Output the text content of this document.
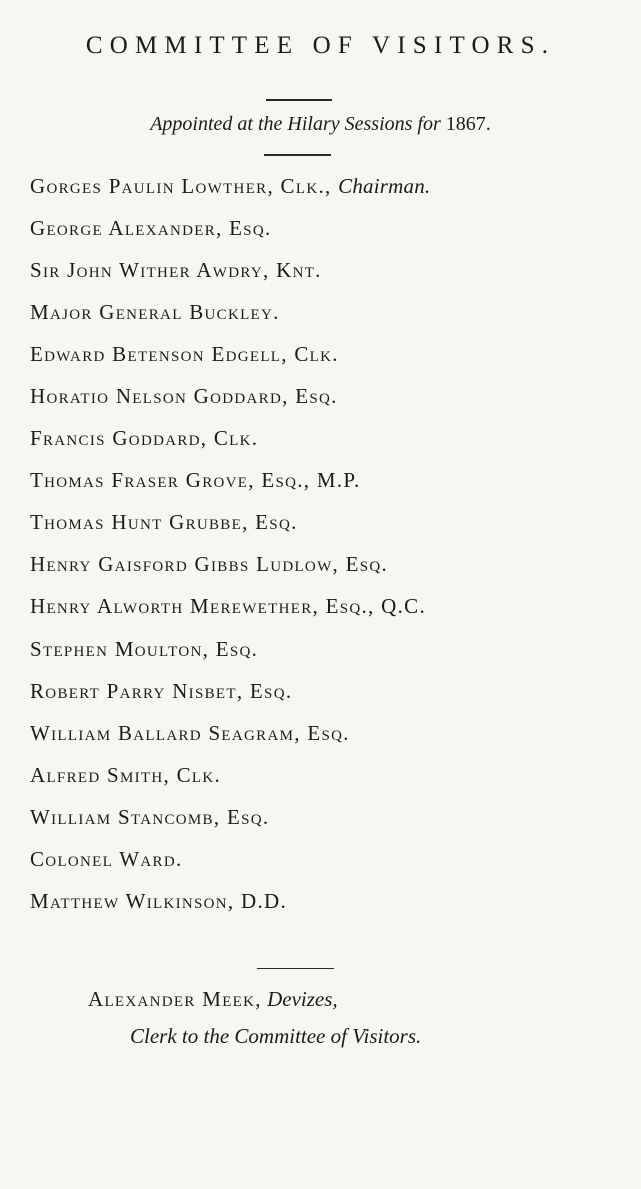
COMMITTEE OF VISITORS.
Appointed at the Hilary Sessions for 1867.
Gorges Paulin Lowther, Clk., Chairman.
George Alexander, Esq.
Sir John Wither Awdry, Knt.
Major General Buckley.
Edward Betenson Edgell, Clk.
Horatio Nelson Goddard, Esq.
Francis Goddard, Clk.
Thomas Fraser Grove, Esq., M.P.
Thomas Hunt Grubbe, Esq.
Henry Gaisford Gibbs Ludlow, Esq.
Henry Alworth Merewether, Esq., Q.C.
Stephen Moulton, Esq.
Robert Parry Nisbet, Esq.
William Ballard Seagram, Esq.
Alfred Smith, Clk.
William Stancomb, Esq.
Colonel Ward.
Matthew Wilkinson, D.D.
Alexander Meek, Devizes,
Clerk to the Committee of Visitors.
